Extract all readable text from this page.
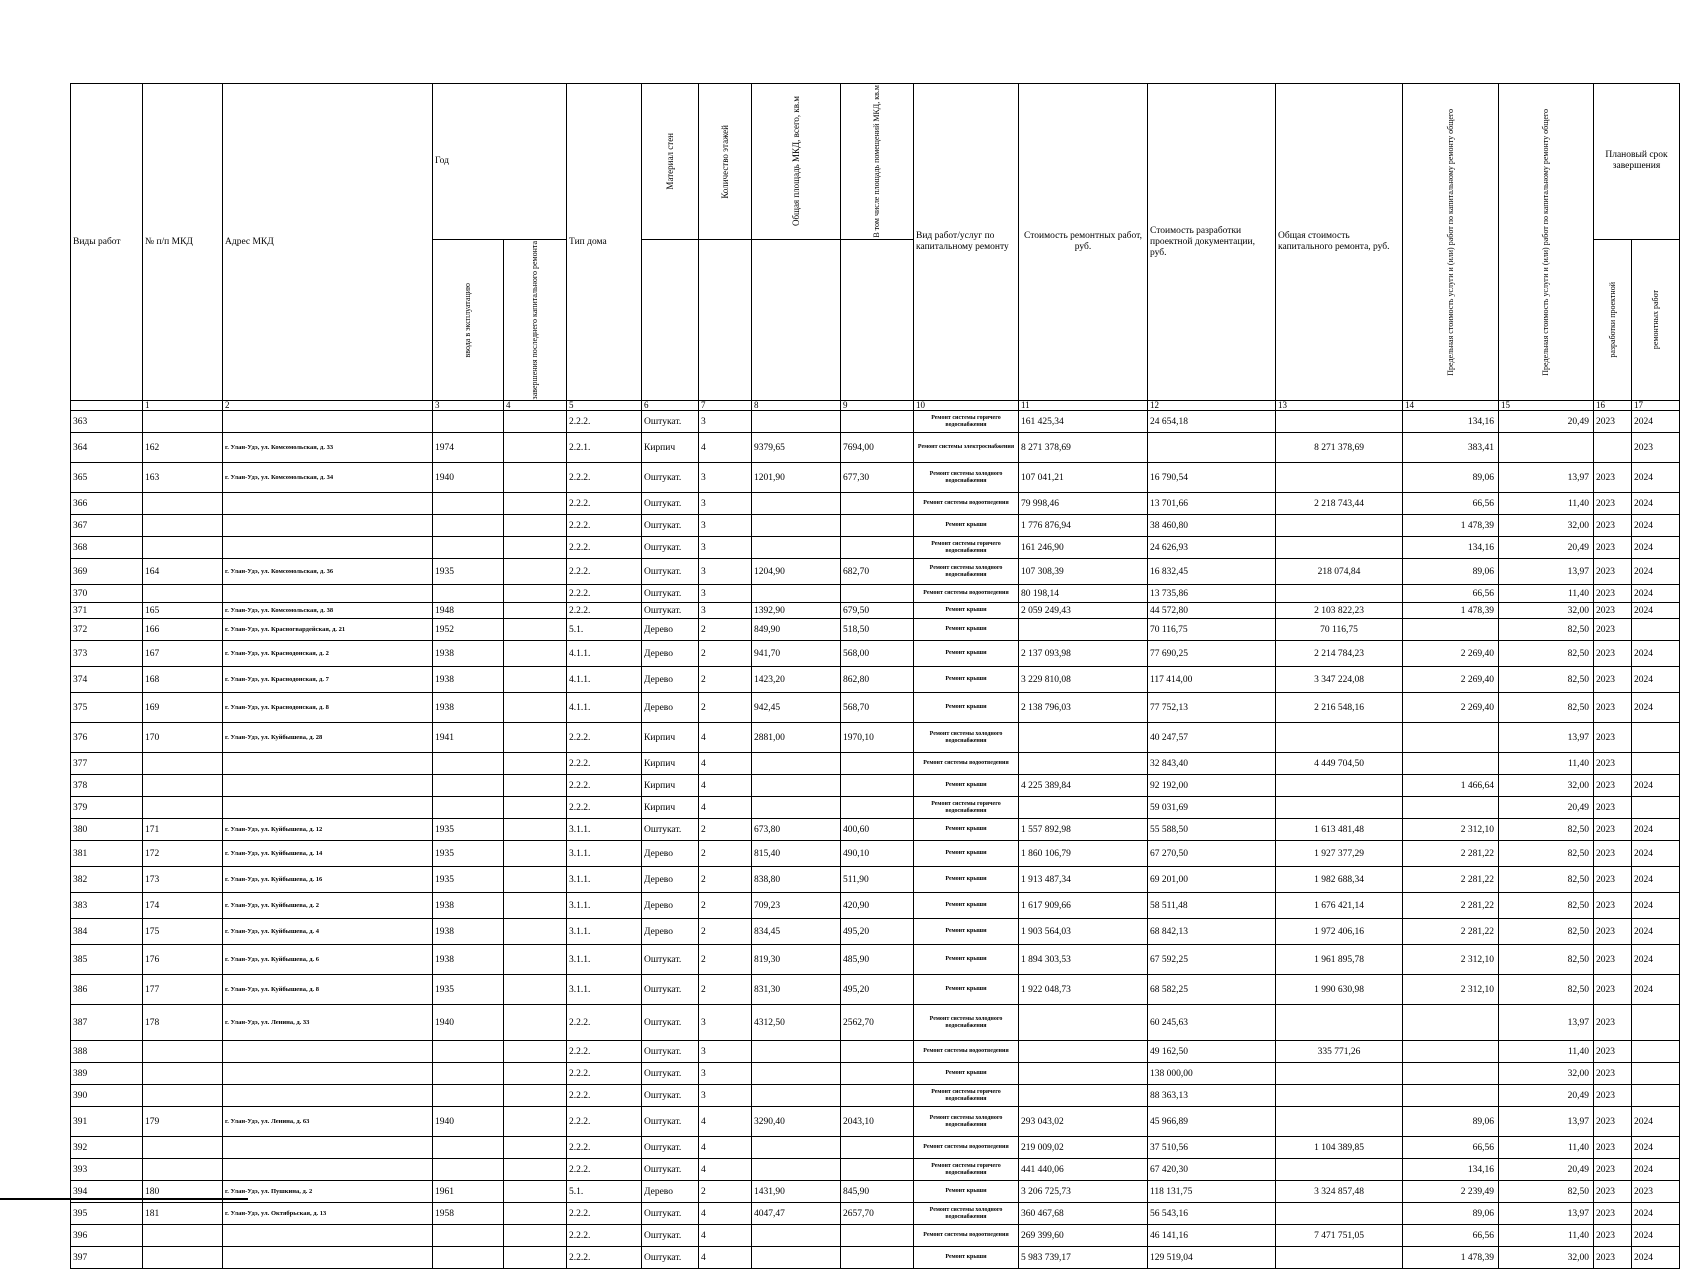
Виды работ	№ п/п МКД	Адрес МКД	Год		Тип дома	Материал стен	Количество этажей	Общая площадь МКД, всего, кв.м	В том числе площадь помещений МКД, кв.м	Вид работ/услуг по капитальному ремонту	Стоимость ремонтных работ, руб.	Стоимость разработки проектной документации, руб.	Общая стоимость капитального ремонта, руб.	Предельная стоимость услуги и (или) работ по капитальному ремонту общего	Предельная стоимость услуги и (или) работ по капитальному ремонту общего	Плановый срок завершения	

			ввода в эксплуатацию	завершения последнего капитального ремонта												разработки проектной	ремонтных работ

	1	2	3	4	5	6	7	8	9	10	11	12	13	14	15	16	17
363					2.2.2.	Оштукат.	3			Ремонт системы горячего водоснабжения	161 425,34	24 654,18		134,16	20,49	2023	2024
364	162	г. Улан-Удэ, ул. Комсомольская, д. 33	1974		2.2.1.	Кирпич	4	9379,65	7694,00	Ремонт системы электроснабжения	8 271 378,69		8 271 378,69	383,41			2023
365	163	г. Улан-Удэ, ул. Комсомольская, д. 34	1940		2.2.2.	Оштукат.	3	1201,90	677,30	Ремонт системы холодного водоснабжения	107 041,21	16 790,54		89,06	13,97	2023	2024
366					2.2.2.	Оштукат.	3			Ремонт системы водоотведения	79 998,46	13 701,66	2 218 743,44	66,56	11,40	2023	2024
367					2.2.2.	Оштукат.	3			Ремонт крыши	1 776 876,94	38 460,80		1 478,39	32,00	2023	2024
368					2.2.2.	Оштукат.	3			Ремонт системы горячего водоснабжения	161 246,90	24 626,93		134,16	20,49	2023	2024
369	164	г. Улан-Удэ, ул. Комсомольская, д. 36	1935		2.2.2.	Оштукат.	3	1204,90	682,70	Ремонт системы холодного водоснабжения	107 308,39	16 832,45	218 074,84	89,06	13,97	2023	2024
370					2.2.2.	Оштукат.	3			Ремонт системы водоотведения	80 198,14	13 735,86		66,56	11,40	2023	2024
371	165	г. Улан-Удэ, ул. Комсомольская, д. 38	1948		2.2.2.	Оштукат.	3	1392,90	679,50	Ремонт крыши	2 059 249,43	44 572,80	2 103 822,23	1 478,39	32,00	2023	2024
372	166	г. Улан-Удэ, ул. Красногвардейская, д. 21	1952		5.1.	Дерево	2	849,90	518,50	Ремонт крыши		70 116,75	70 116,75		82,50	2023	
373	167	г. Улан-Удэ, ул. Краснодонская, д. 2	1938		4.1.1.	Дерево	2	941,70	568,00	Ремонт крыши	2 137 093,98	77 690,25	2 214 784,23	2 269,40	82,50	2023	2024
374	168	г. Улан-Удэ, ул. Краснодонская, д. 7	1938		4.1.1.	Дерево	2	1423,20	862,80	Ремонт крыши	3 229 810,08	117 414,00	3 347 224,08	2 269,40	82,50	2023	2024
375	169	г. Улан-Удэ, ул. Краснодонская, д. 8	1938		4.1.1.	Дерево	2	942,45	568,70	Ремонт крыши	2 138 796,03	77 752,13	2 216 548,16	2 269,40	82,50	2023	2024
376	170	г. Улан-Удэ, ул. Куйбышева, д. 28	1941		2.2.2.	Кирпич	4	2881,00	1970,10	Ремонт системы холодного водоснабжения		40 247,57			13,97	2023	
377					2.2.2.	Кирпич	4			Ремонт системы водоотведения		32 843,40	4 449 704,50		11,40	2023	
378					2.2.2.	Кирпич	4			Ремонт крыши	4 225 389,84	92 192,00		1 466,64	32,00	2023	2024
379					2.2.2.	Кирпич	4			Ремонт системы горячего водоснабжения		59 031,69			20,49	2023	
380	171	г. Улан-Удэ, ул. Куйбышева, д. 12	1935		3.1.1.	Оштукат.	2	673,80	400,60	Ремонт крыши	1 557 892,98	55 588,50	1 613 481,48	2 312,10	82,50	2023	2024
381	172	г. Улан-Удэ, ул. Куйбышева, д. 14	1935		3.1.1.	Дерево	2	815,40	490,10	Ремонт крыши	1 860 106,79	67 270,50	1 927 377,29	2 281,22	82,50	2023	2024
382	173	г. Улан-Удэ, ул. Куйбышева, д. 16	1935		3.1.1.	Дерево	2	838,80	511,90	Ремонт крыши	1 913 487,34	69 201,00	1 982 688,34	2 281,22	82,50	2023	2024
383	174	г. Улан-Удэ, ул. Куйбышева, д. 2	1938		3.1.1.	Дерево	2	709,23	420,90	Ремонт крыши	1 617 909,66	58 511,48	1 676 421,14	2 281,22	82,50	2023	2024
384	175	г. Улан-Удэ, ул. Куйбышева, д. 4	1938		3.1.1.	Дерево	2	834,45	495,20	Ремонт крыши	1 903 564,03	68 842,13	1 972 406,16	2 281,22	82,50	2023	2024
385	176	г. Улан-Удэ, ул. Куйбышева, д. 6	1938		3.1.1.	Оштукат.	2	819,30	485,90	Ремонт крыши	1 894 303,53	67 592,25	1 961 895,78	2 312,10	82,50	2023	2024
386	177	г. Улан-Удэ, ул. Куйбышева, д. 8	1935		3.1.1.	Оштукат.	2	831,30	495,20	Ремонт крыши	1 922 048,73	68 582,25	1 990 630,98	2 312,10	82,50	2023	2024
387	178	г. Улан-Удэ, ул. Ленина, д. 33	1940		2.2.2.	Оштукат.	3	4312,50	2562,70	Ремонт системы холодного водоснабжения		60 245,63			13,97	2023	
388					2.2.2.	Оштукат.	3			Ремонт системы водоотведения		49 162,50	335 771,26		11,40	2023	
389					2.2.2.	Оштукат.	3			Ремонт крыши		138 000,00			32,00	2023	
390					2.2.2.	Оштукат.	3			Ремонт системы горячего водоснабжения		88 363,13			20,49	2023	
391	179	г. Улан-Удэ, ул. Ленина, д. 63	1940		2.2.2.	Оштукат.	4	3290,40	2043,10	Ремонт системы холодного водоснабжения	293 043,02	45 966,89		89,06	13,97	2023	2024
392					2.2.2.	Оштукат.	4			Ремонт системы водоотведения	219 009,02	37 510,56	1 104 389,85	66,56	11,40	2023	2024
393					2.2.2.	Оштукат.	4			Ремонт системы горячего водоснабжения	441 440,06	67 420,30		134,16	20,49	2023	2024
394	180	г. Улан-Удэ, ул. Пушкина, д. 2	1961		5.1.	Дерево	2	1431,90	845,90	Ремонт крыши	3 206 725,73	118 131,75	3 324 857,48	2 239,49	82,50	2023	2023
395	181	г. Улан-Удэ, ул. Октябрьская, д. 13	1958		2.2.2.	Оштукат.	4	4047,47	2657,70	Ремонт системы холодного водоснабжения	360 467,68	56 543,16		89,06	13,97	2023	2024
396					2.2.2.	Оштукат.	4			Ремонт системы водоотведения	269 399,60	46 141,16	7 471 751,05	66,56	11,40	2023	2024
397					2.2.2.	Оштукат.	4			Ремонт крыши	5 983 739,17	129 519,04		1 478,39	32,00	2023	2024
